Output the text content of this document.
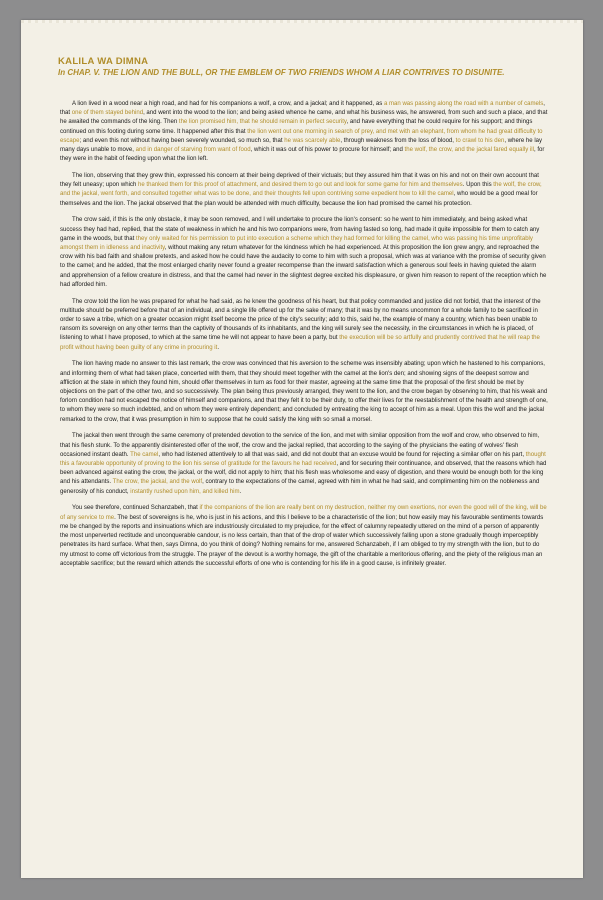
KALILA WA DIMNA
In CHAP. V. THE LION AND THE BULL, OR THE EMBLEM OF TWO FRIENDS WHOM A LIAR CONTRIVES TO DISUNITE.

A lion lived in a wood near a high road, and had for his companions a wolf, a crow, and a jackal; and it happened, as a man was passing along the road with a number of camels, that one of them stayed behind, and went into the wood to the lion; and being asked whence he came, and what his business was, he answered, from such and such a place, and that he awaited the commands of the king. Then the lion promised him, that he should remain in perfect security, and have everything that he could require for his support; and things continued on this footing during some time. It happened after this that the lion went out one morning in search of prey, and met with an elephant, from whom he had great difficulty to escape; and even this not without having been severely wounded, so much so, that he was scarcely able, through weakness from the loss of blood, to crawl to his den, where he lay many days unable to move, and in danger of starving from want of food, which it was out of his power to procure for himself; and the wolf, the crow, and the jackal fared equally ill, for they were in the habit of feeding upon what the lion left.

The lion, observing that they grew thin, expressed his concern at their being deprived of their victuals; but they assured him that it was on his and not on their own account that they felt uneasy; upon which he thanked them for this proof of attachment, and desired them to go out and look for some game for him and themselves. Upon this the wolf, the crow, and the jackal, went forth, and consulted together what was to be done, and their thoughts fell upon contriving some expedient how to kill the camel, who would be a good meal for themselves and the lion. The jackal observed that the plan would be attended with much difficulty, because the lion had promised the camel his protection.

The crow said, if this is the only obstacle, it may be soon removed, and I will undertake to procure the lion's consent: so he went to him immediately, and being asked what success they had had, replied, that the state of weakness in which he and his two companions were, from having fasted so long, had made it quite impossible for them to catch any game in the woods, but that they only waited for his permission to put into execution a scheme which they had formed for killing the camel, who was passing his time unprofitably amongst them in idleness and inactivity, without making any return whatever for the kindness which he had experienced. At this proposition the lion grew angry, and reproached the crow with his bad faith and shallow pretexts, and asked how he could have the audacity to come to him with such a proposal, which was at variance with the promise of security given to the camel; and he added, that the most enlarged charity never found a greater recompense than the inward satisfaction which a generous soul feels in having quieted the alarm and apprehension of a fellow creature in distress, and that the camel had never in the slightest degree excited his displeasure, or given him reason to repent of the reception which he had afforded him.

The crow told the lion he was prepared for what he had said, as he knew the goodness of his heart, but that policy commanded and justice did not forbid, that the interest of the multitude should be preferred before that of an individual, and a single life offered up for the sake of many; that it was by no means uncommon for a whole family to be sacrificed in order to save a tribe, which on a greater occasion might itself become the price of the city's security; add to this, said he, the example of many a country, which has been unable to ransom its sovereign on any other terms than the captivity of thousands of its inhabitants, and the king will surely see the necessity, in the circumstances in which he is placed, of listening to what I have proposed, to which at the same time he will not appear to have been a party, but the execution will be so artfully and prudently contrived that he will reap the profit without having been guilty of any crime in procuring it.

The lion having made no answer to this last remark, the crow was convinced that his aversion to the scheme was insensibly abating; upon which he hastened to his companions, and informing them of what had taken place, concerted with them, that they should meet together with the camel at the lion's den; and showing signs of the deepest sorrow and affliction at the state in which they found him, should offer themselves in turn as food for their master, agreeing at the same time that the proposal of the first should be met by objections on the part of the other two, and so successively. The plan being thus previously arranged, they went to the lion, and the crow began by observing to him, that his weak and forlorn condition had not escaped the notice of himself and companions, and that they felt it to be their duty, to offer their lives for the reestablishment of the health and strength of one, to whom they were so much indebted, and on whom they were entirely dependent; and concluded by entreating the king to accept of him as a meal. Upon this the wolf and the jackal remarked to the crow, that it was presumption in him to suppose that he could satisfy the king with so small a morsel.

The jackal then went through the same ceremony of pretended devotion to the service of the lion, and met with similar opposition from the wolf and crow, who observed to him, that his flesh stunk. To the apparently disinterested offer of the wolf, the crow and the jackal replied, that according to the saying of the physicians the eating of wolves' flesh occasioned instant death. The camel, who had listened attentively to all that was said, and did not doubt that an excuse would be found for rejecting a similar offer on his part, thought this a favourable opportunity of proving to the lion his sense of gratitude for the favours he had received, and for securing their continuance, and observed, that the reasons which had been advanced against eating the crow, the jackal, or the wolf, did not apply to him; that his flesh was wholesome and easy of digestion, and there would be enough both for the king and his attendants. The crow, the jackal, and the wolf, contrary to the expectations of the camel, agreed with him in what he had said, and complimenting him on the nobleness and generosity of his conduct, instantly rushed upon him, and killed him.

You see therefore, continued Schanzabeh, that if the companions of the lion are really bent on my destruction, neither my own exertions, nor even the good will of the king, will be of any service to me. The best of sovereigns is he, who is just in his actions, and this I believe to be a characteristic of the lion; but how easily may his favourable sentiments towards me be changed by the reports and insinuations which are industriously circulated to my prejudice, for the effect of calumny repeatedly uttered on the mind of a person of apparently the most unperverted rectitude and unconquerable candour, is no less certain, than that of the drop of water which successively falling upon a stone gradually though imperceptibly penetrates its hard surface. What then, says Dimna, do you think of doing? Nothing remains for me, answered Schanzabeh, if I am obliged to try my strength with the lion, but to do my utmost to come off victorious from the struggle. The prayer of the devout is a worthy homage, the gift of the charitable a meritorious offering, and the piety of the religious man an acceptable sacrifice; but the reward which attends the successful efforts of one who is contending for his life in a good cause, is infinitely greater.
